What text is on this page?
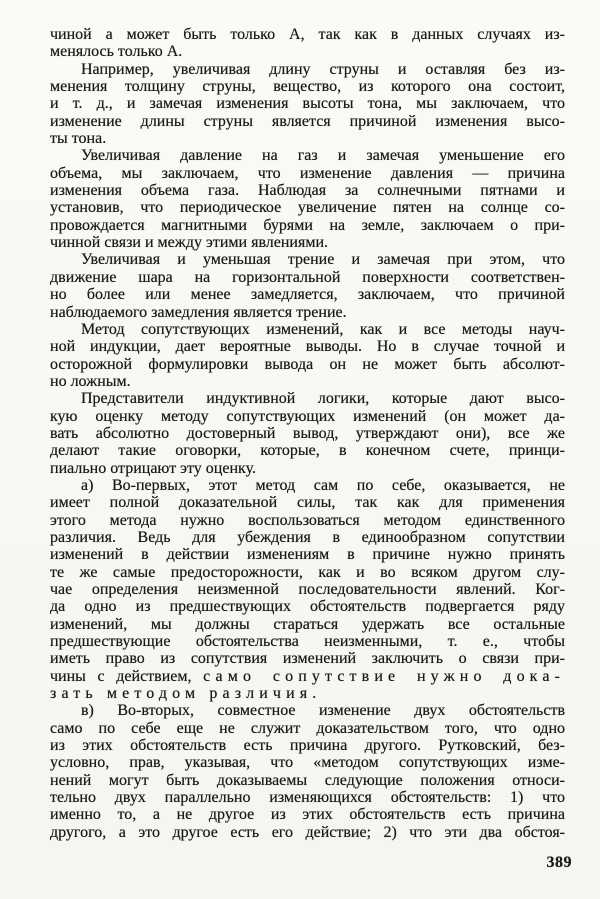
чиной а может быть только А, так как в данных случаях из-
менялось только А.
Например, увеличивая длину струны и оставляя без из-
менения толщину струны, вещество, из которого она состоит,
и т. д., и замечая изменения высоты тона, мы заключаем, что
изменение длины струны является причиной изменения высо-
ты тона.
Увеличивая давление на газ и замечая уменьшение его
объема, мы заключаем, что изменение давления — причина
изменения объема газа. Наблюдая за солнечными пятнами и
установив, что периодическое увеличение пятен на солнце со-
провождается магнитными бурями на земле, заключаем о при-
чинной связи и между этими явлениями.
Увеличивая и уменьшая трение и замечая при этом, что
движение шара на горизонтальной поверхности соответствен-
но более или менее замедляется, заключаем, что причиной
наблюдаемого замедления является трение.
Метод сопутствующих изменений, как и все методы науч-
ной индукции, дает вероятные выводы. Но в случае точной и
осторожной формулировки вывода он не может быть абсолют-
но ложным.
Представители индуктивной логики, которые дают высо-
кую оценку методу сопутствующих изменений (он может да-
вать абсолютно достоверный вывод, утверждают они), все же
делают такие оговорки, которые, в конечном счете, принци-
пиально отрицают эту оценку.
а) Во-первых, этот метод сам по себе, оказывается, не
имеет полной доказательной силы, так как для применения
этого метода нужно воспользоваться методом единственного
различия. Ведь для убеждения в единообразном сопутствии
изменений в действии изменениям в причине нужно принять
те же самые предосторожности, как и во всяком другом слу-
чае определения неизменной последовательности явлений. Ког-
да одно из предшествующих обстоятельств подвергается ряду
изменений, мы должны стараться удержать все остальные
предшествующие обстоятельства неизменными, т. е., чтобы
иметь право из сопутствия изменений заключить о связи при-
чины с действием, само сопутствие нужно дока-
зать методом различия.
в) Во-вторых, совместное изменение двух обстоятельств
само по себе еще не служит доказательством того, что одно
из этих обстоятельств есть причина другого. Рутковский, без-
условно, прав, указывая, что «методом сопутствующих изме-
нений могут быть доказываемы следующие положения относи-
тельно двух параллельно изменяющихся обстоятельств: 1) что
именно то, а не другое из этих обстоятельств есть причина
другого, а это другое есть его действие; 2) что эти два обстоя-
389
